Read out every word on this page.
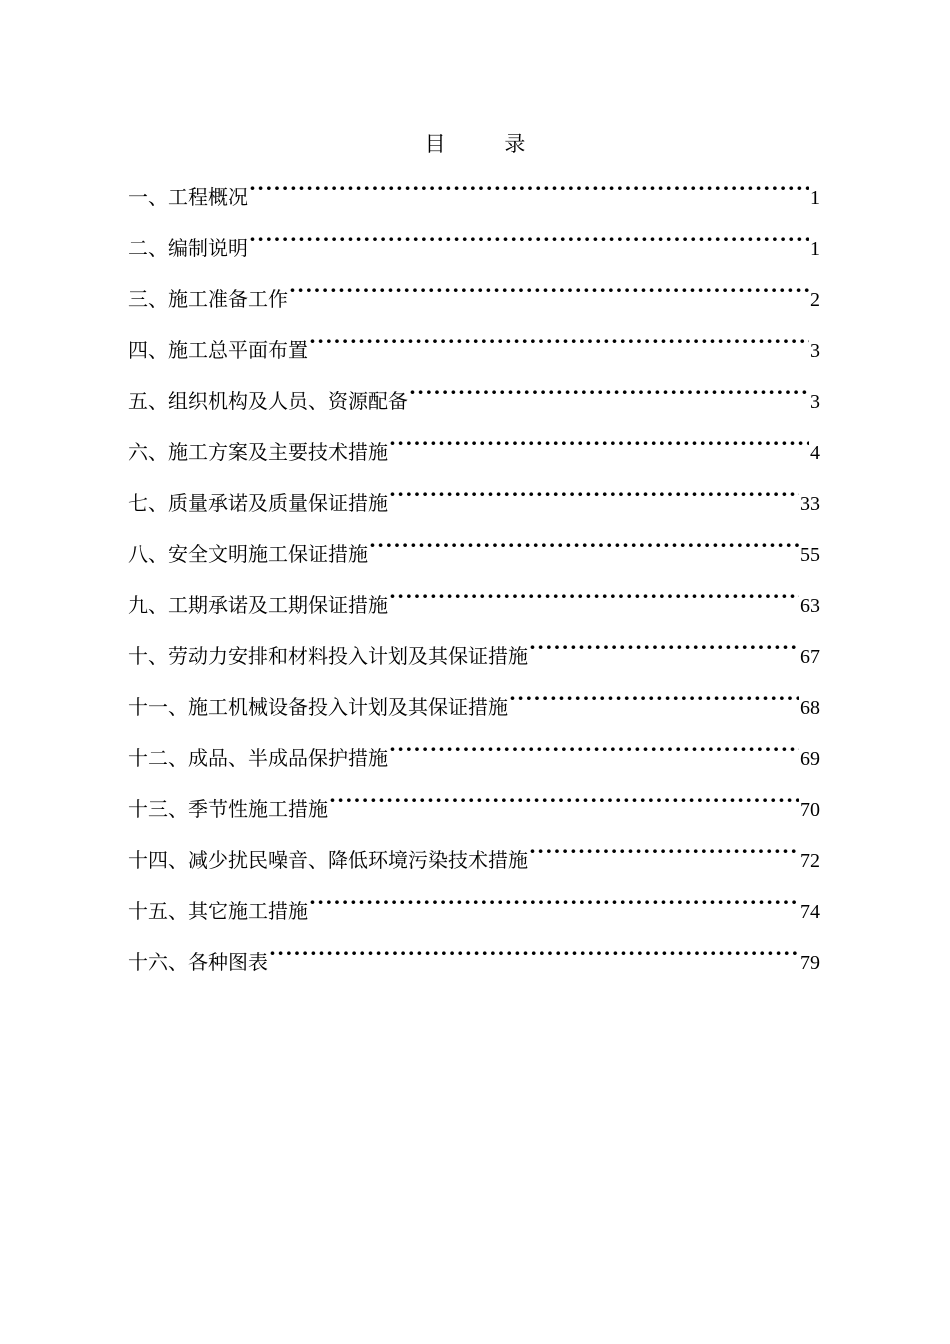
目 录
一、工程概况 ·····	1
二、编制说明 ·····	1
三、施工准备工作 ·····	2
四、施工总平面布置 ·····	3
五、组织机构及人员、资源配备 ·····	3
六、施工方案及主要技术措施 ·····	4
七、质量承诺及质量保证措施 ·····	33
八、安全文明施工保证措施 ·····	55
九、工期承诺及工期保证措施 ·····	63
十、劳动力安排和材料投入计划及其保证措施 ·····	67
十一、施工机械设备投入计划及其保证措施 ·····	68
十二、成品、半成品保护措施 ·····	69
十三、季节性施工措施 ·····	70
十四、减少扰民噪音、降低环境污染技术措施 ·····	72
十五、其它施工措施 ·····	74
十六、各种图表 ·····	79
